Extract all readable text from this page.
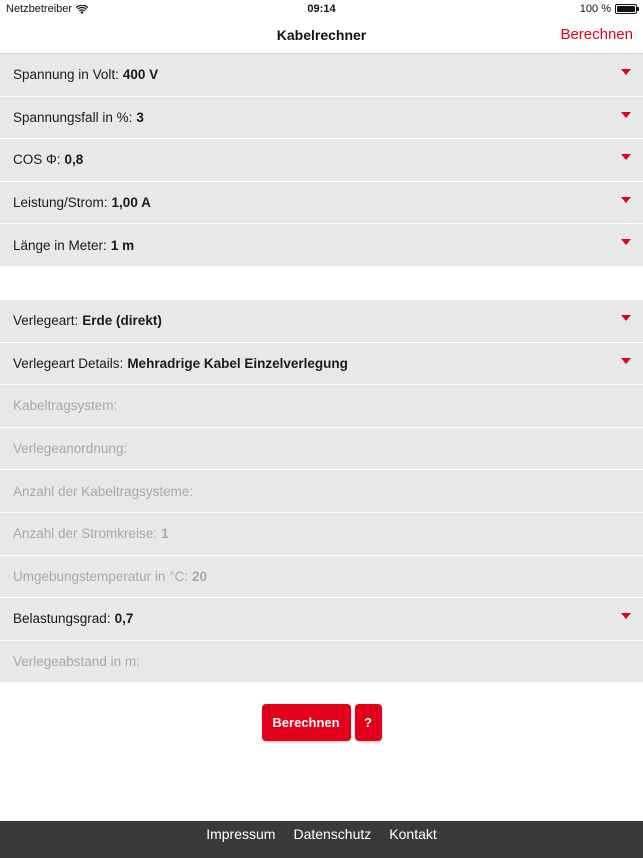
Netzbetreiber	09:14	100 %
Kabelrechner	Berechnen
Spannung in Volt: 400 V
Spannungsfall in %: 3
COS Φ: 0,8
Leistung/Strom: 1,00 A
Länge in Meter: 1 m
Verlegeart: Erde (direkt)
Verlegeart Details: Mehradrige Kabel Einzelverlegung
Kabeltragsystem:
Verlegeanordnung:
Anzahl der Kabeltragsysteme:
Anzahl der Stromkreise: 1
Umgebungstemperatur in °C: 20
Belastungsgrad: 0,7
Verlegeabstand in m:
Berechnen	?
Impressum Datenschutz Kontakt
